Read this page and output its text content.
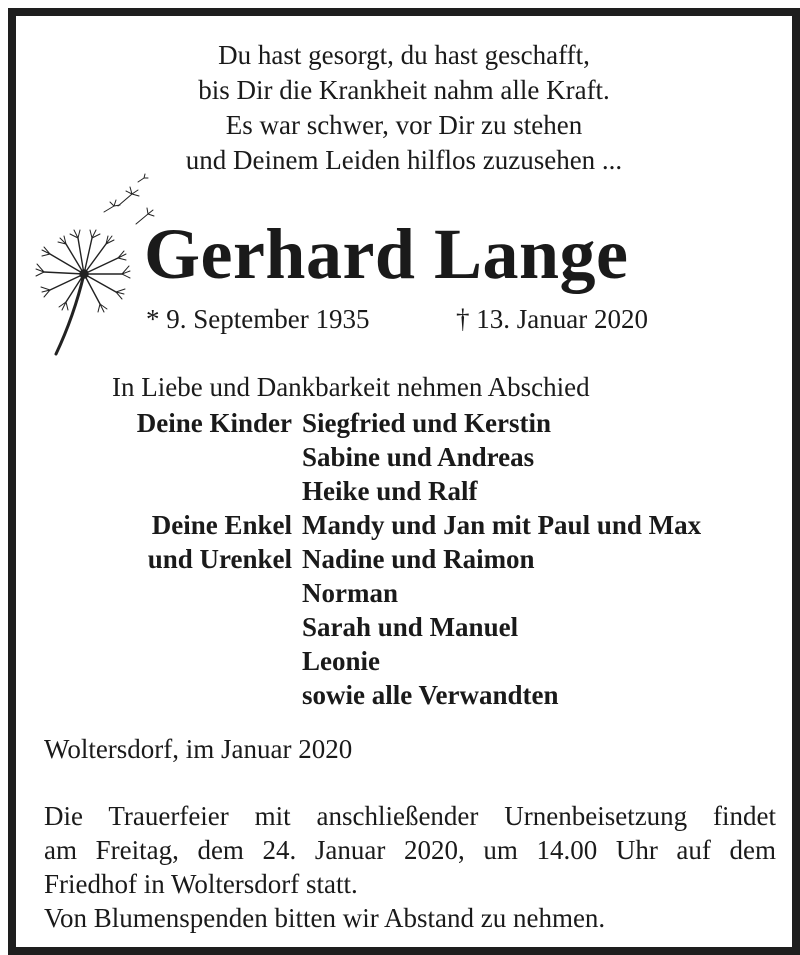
Du hast gesorgt, du hast geschafft,
bis Dir die Krankheit nahm alle Kraft.
Es war schwer, vor Dir zu stehen
und Deinem Leiden hilflos zuzusehen ...
Gerhard Lange
* 9. September 1935	† 13. Januar 2020
In Liebe und Dankbarkeit nehmen Abschied
Deine Kinder Siegfried und Kerstin
Sabine und Andreas
Heike und Ralf
Deine Enkel Mandy und Jan mit Paul und Max
und Urenkel Nadine und Raimon
Norman
Sarah und Manuel
Leonie
sowie alle Verwandten
Woltersdorf, im Januar 2020
Die Trauerfeier mit anschließender Urnenbeisetzung findet
am Freitag, dem 24. Januar 2020, um 14.00 Uhr auf dem
Friedhof in Woltersdorf statt.
Von Blumenspenden bitten wir Abstand zu nehmen.
